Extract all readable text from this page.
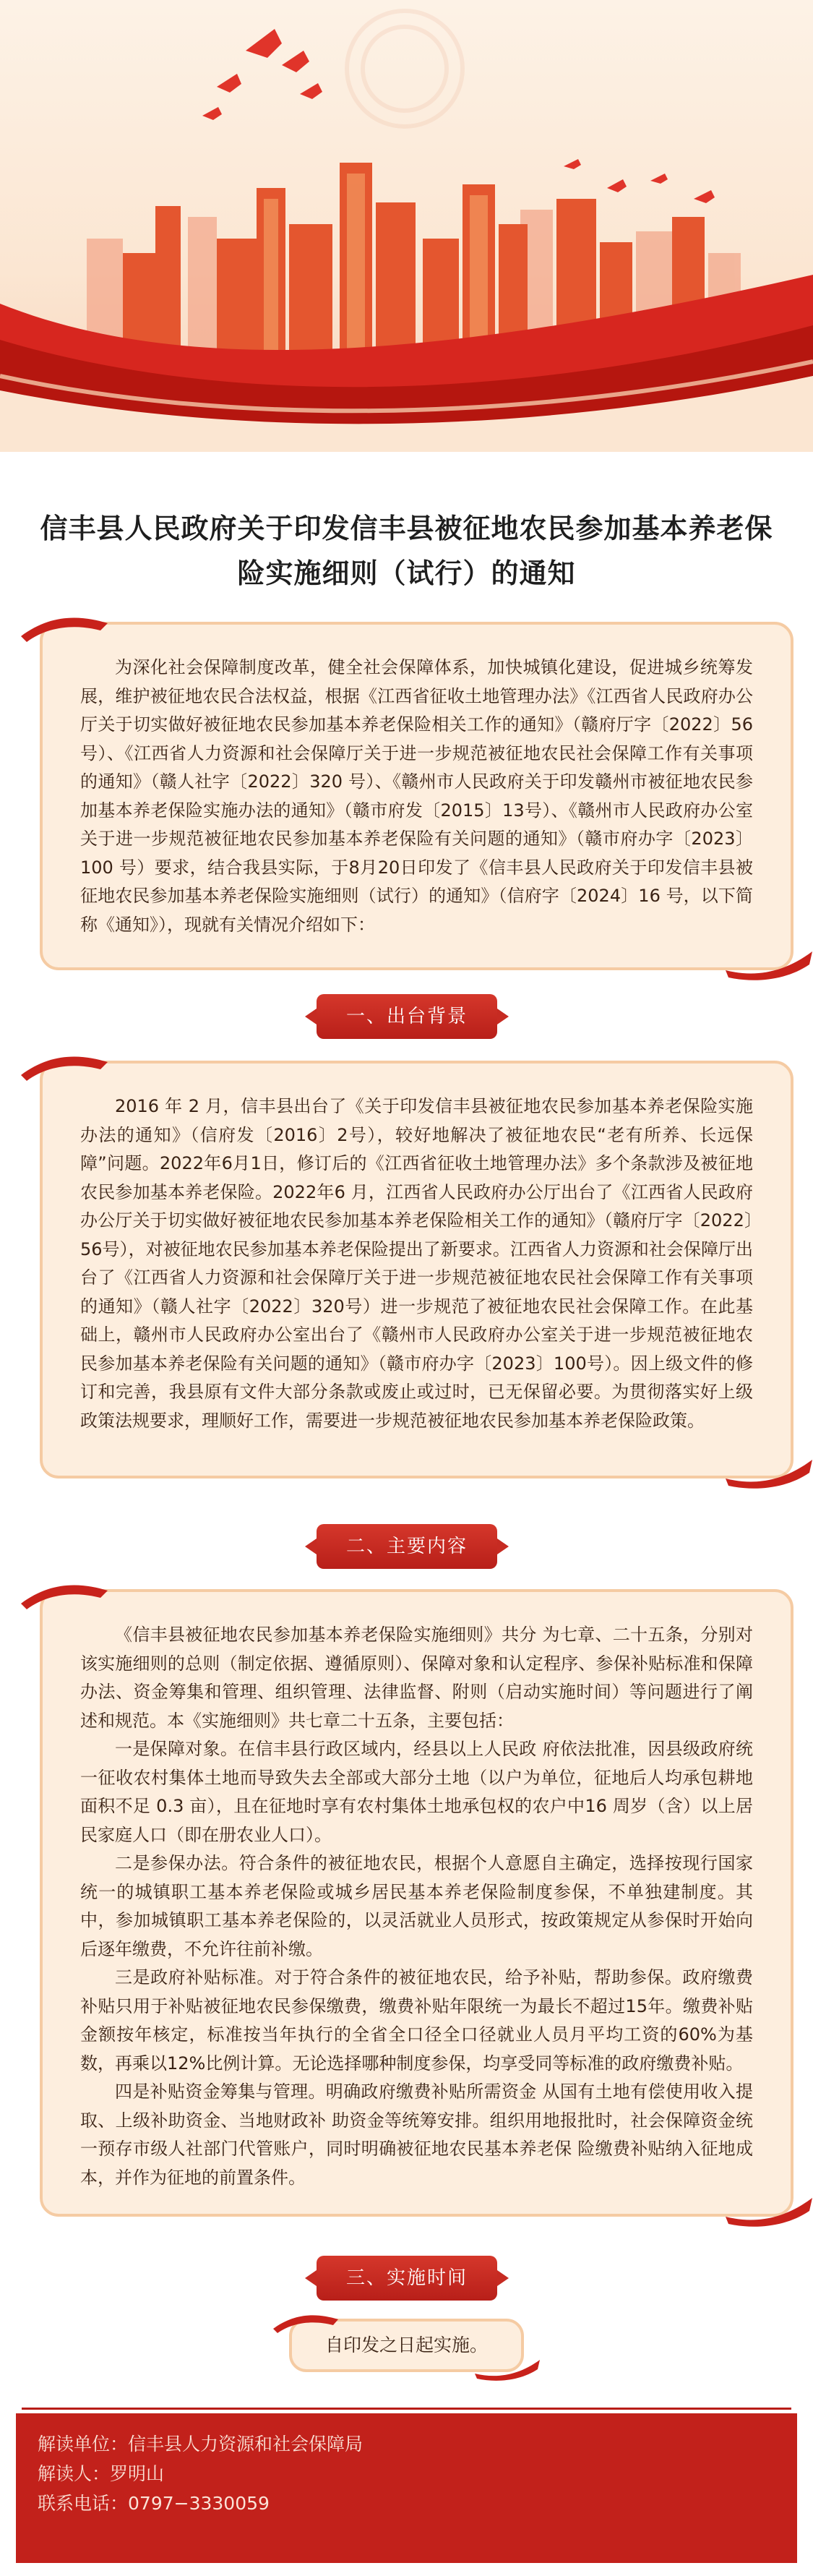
信丰县人民政府关于印发信丰县被征地农民参加基本养老保险实施细则（试行）的通知

为深化社会保障制度改革，健全社会保障体系，加快城镇化建设，促进城乡统筹发展，维护被征地农民合法权益，根据《江西省征收土地管理办法》《江西省人民政府办公厅关于切实做好被征地农民参加基本养老保险相关工作的通知》（赣府厅字〔2022〕56 号）、《江西省人力资源和社会保障厅关于进一步规范被征地农民社会保障工作有关事项的通知》（赣人社字〔2022〕320 号）、《赣州市人民政府关于印发赣州市被征地农民参加基本养老保险实施办法的通知》（赣市府发〔2015〕13号）、《赣州市人民政府办公室关于进一步规范被征地农民参加基本养老保险有关问题的通知》（赣市府办字〔2023〕100 号）要求，结合我县实际，于8月20日印发了《信丰县人民政府关于印发信丰县被征地农民参加基本养老保险实施细则（试行）的通知》（信府字〔2024〕16 号，以下简称《通知》），现就有关情况介绍如下：

一、出台背景

2016 年 2 月，信丰县出台了《关于印发信丰县被征地农民参加基本养老保险实施办法的通知》（信府发〔2016〕2号），较好地解决了被征地农民“老有所养、长远保障”问题。2022年6月1日，修订后的《江西省征收土地管理办法》多个条款涉及被征地农民参加基本养老保险。2022年6 月，江西省人民政府办公厅出台了《江西省人民政府办公厅关于切实做好被征地农民参加基本养老保险相关工作的通知》（赣府厅字〔2022〕56号），对被征地农民参加基本养老保险提出了新要求。江西省人力资源和社会保障厅出台了《江西省人力资源和社会保障厅关于进一步规范被征地农民社会保障工作有关事项的通知》（赣人社字〔2022〕320号）进一步规范了被征地农民社会保障工作。在此基础上，赣州市人民政府办公室出台了《赣州市人民政府办公室关于进一步规范被征地农民参加基本养老保险有关问题的通知》（赣市府办字〔2023〕100号）。因上级文件的修订和完善，我县原有文件大部分条款或废止或过时，已无保留必要。为贯彻落实好上级政策法规要求，理顺好工作，需要进一步规范被征地农民参加基本养老保险政策。

二、主要内容

《信丰县被征地农民参加基本养老保险实施细则》共分 为七章、二十五条，分别对该实施细则的总则（制定依据、遵循原则）、保障对象和认定程序、参保补贴标准和保障办法、资金筹集和管理、组织管理、法律监督、附则（启动实施时间）等问题进行了阐述和规范。本《实施细则》共七章二十五条，主要包括：

一是保障对象。在信丰县行政区域内，经县以上人民政 府依法批准，因县级政府统一征收农村集体土地而导致失去全部或大部分土地（以户为单位，征地后人均承包耕地面积不足 0.3 亩），且在征地时享有农村集体土地承包权的农户中16 周岁（含）以上居民家庭人口（即在册农业人口）。

二是参保办法。符合条件的被征地农民，根据个人意愿自主确定，选择按现行国家统一的城镇职工基本养老保险或城乡居民基本养老保险制度参保，不单独建制度。其中，参加城镇职工基本养老保险的，以灵活就业人员形式，按政策规定从参保时开始向后逐年缴费，不允许往前补缴。

三是政府补贴标准。对于符合条件的被征地农民，给予补贴，帮助参保。政府缴费补贴只用于补贴被征地农民参保缴费，缴费补贴年限统一为最长不超过15年。缴费补贴金额按年核定，标准按当年执行的全省全口径全口径就业人员月平均工资的60%为基数，再乘以12%比例计算。无论选择哪种制度参保，均享受同等标准的政府缴费补贴。

四是补贴资金筹集与管理。明确政府缴费补贴所需资金 从国有土地有偿使用收入提取、上级补助资金、当地财政补 助资金等统筹安排。组织用地报批时，社会保障资金统一预存市级人社部门代管账户，同时明确被征地农民基本养老保 险缴费补贴纳入征地成本，并作为征地的前置条件。

三、实施时间
自印发之日起实施。
解读单位： 信丰县人力资源和社会保障局
解读人： 罗明山
联系电话： 0797−3330059
